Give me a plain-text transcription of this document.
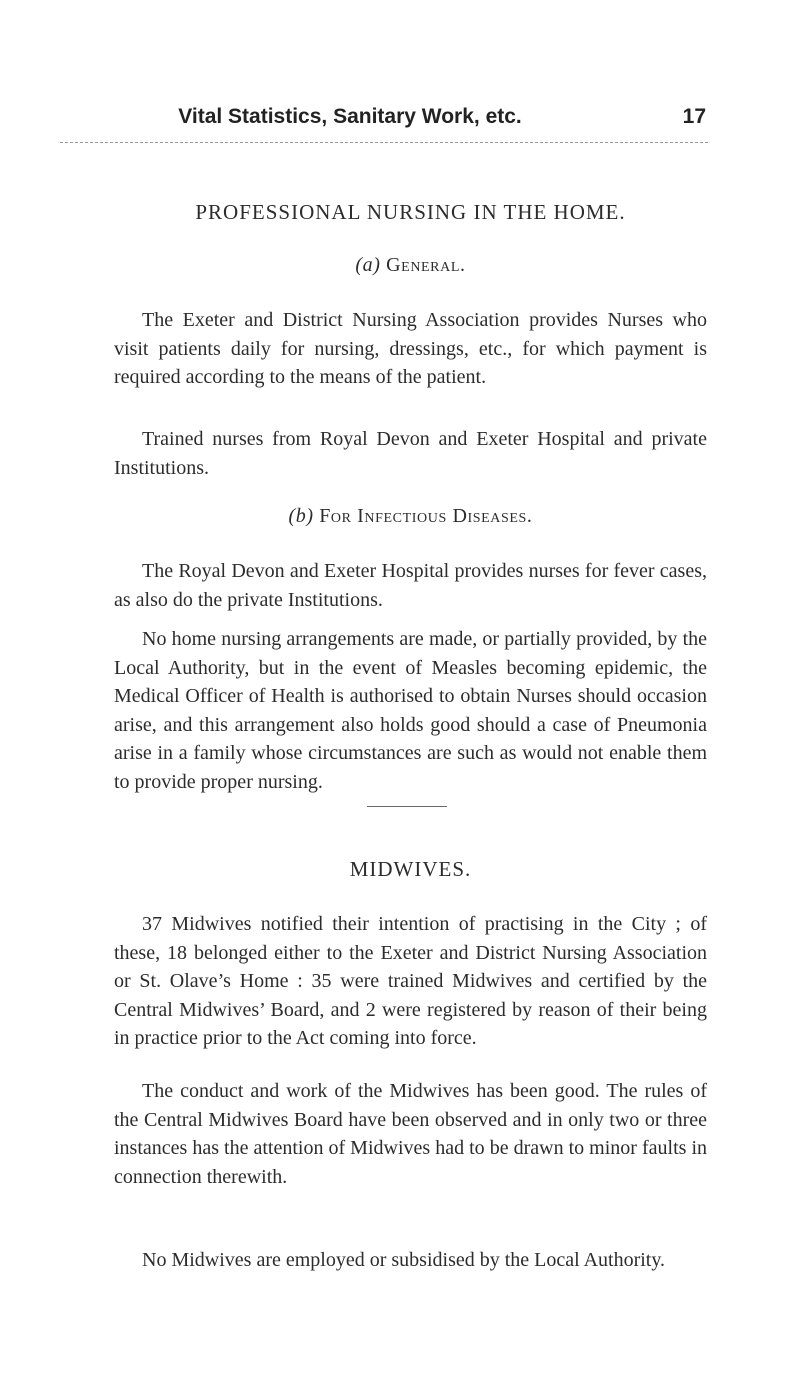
Vital Statistics, Sanitary Work, etc.	17
PROFESSIONAL NURSING IN THE HOME.
(a) General.

The Exeter and District Nursing Association provides Nurses who visit patients daily for nursing, dressings, etc., for which payment is required according to the means of the patient.

Trained nurses from Royal Devon and Exeter Hospital and private Institutions.

(b) For Infectious Diseases.

The Royal Devon and Exeter Hospital provides nurses for fever cases, as also do the private Institutions.

No home nursing arrangements are made, or partially provided, by the Local Authority, but in the event of Measles becoming epidemic, the Medical Officer of Health is authorised to obtain Nurses should occasion arise, and this arrangement also holds good should a case of Pneumonia arise in a family whose circumstances are such as would not enable them to provide proper nursing.

MIDWIVES.

37 Midwives notified their intention of practising in the City ; of these, 18 belonged either to the Exeter and District Nursing Association or St. Olave’s Home : 35 were trained Midwives and certified by the Central Midwives’ Board, and 2 were registered by reason of their being in practice prior to the Act coming into force.

The conduct and work of the Midwives has been good. The rules of the Central Midwives Board have been observed and in only two or three instances has the attention of Midwives had to be drawn to minor faults in connection therewith.

No Midwives are employed or subsidised by the Local Authority.
